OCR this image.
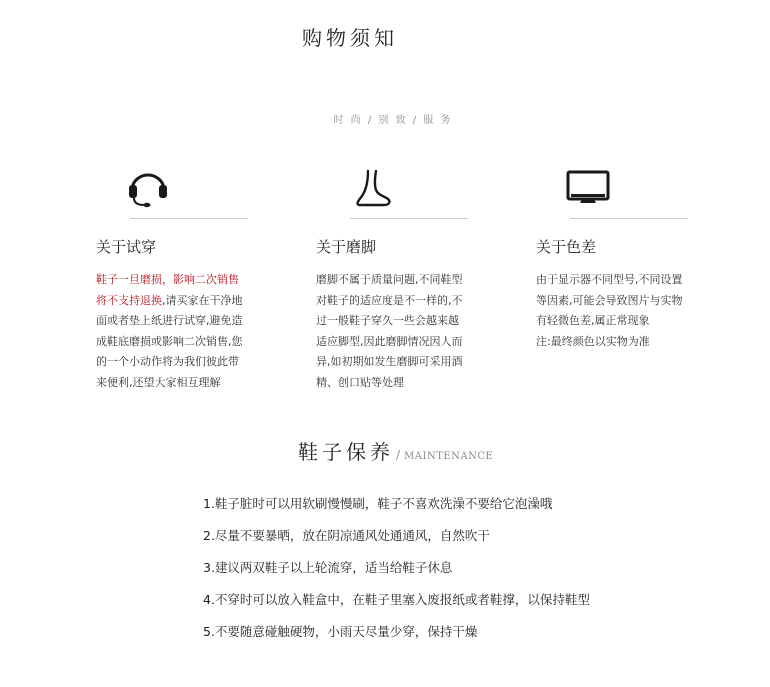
购物须知
时 尚 / 别 致 / 服 务
关于试穿
鞋子一旦磨损，影响二次销售
将不支持退换,请买家在干净地
面或者垫上纸进行试穿,避免造
成鞋底磨损或影响二次销售,您
的一个小动作将为我们彼此带
来便利,还望大家相互理解
关于磨脚
磨脚不属于质量问题,不同鞋型
对鞋子的适应度是不一样的,不
过一般鞋子穿久一些会越来越
适应脚型,因此磨脚情况因人而
异,如初期如发生磨脚可采用酒
精、创口贴等处理
关于色差
由于显示器不同型号,不同设置
等因素,可能会导致图片与实物
有轻微色差,属正常现象
注:最终颜色以实物为准
鞋子保养 / MAINTENANCE
1.鞋子脏时可以用软刷慢慢刷，鞋子不喜欢洗澡不要给它泡澡哦
2.尽量不要暴晒，放在阴凉通风处通通风，自然吹干
3.建议两双鞋子以上轮流穿，适当给鞋子休息
4.不穿时可以放入鞋盒中，在鞋子里塞入废报纸或者鞋撑，以保持鞋型
5.不要随意碰触硬物，小雨天尽量少穿，保持干燥
